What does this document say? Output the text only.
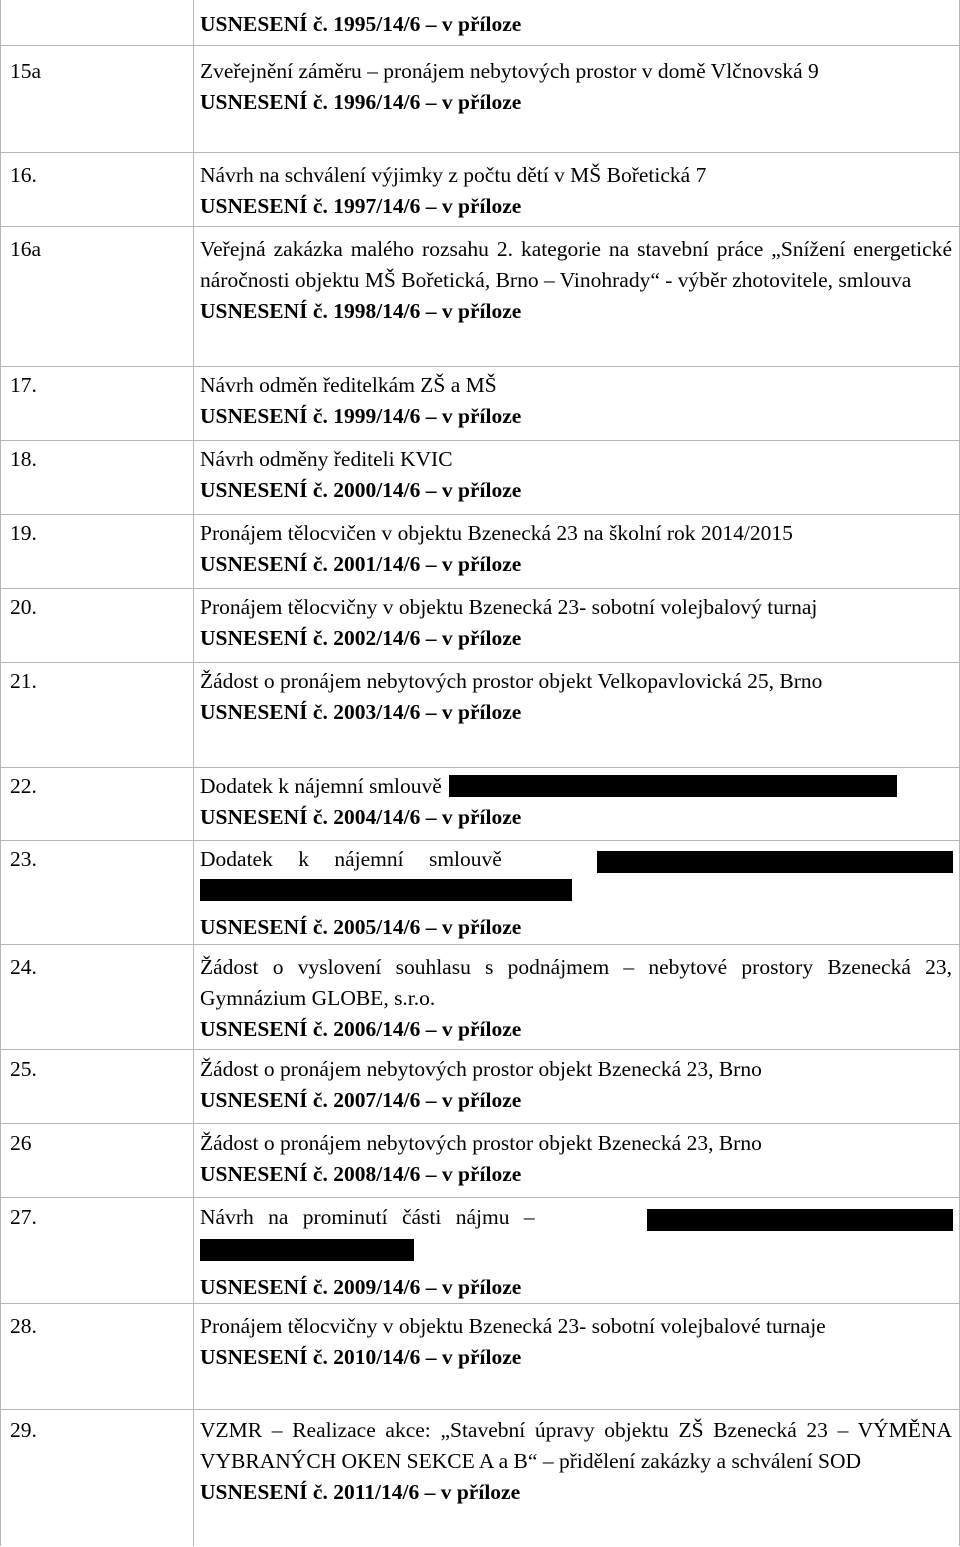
USNESENÍ č. 1995/14/6 – v příloze
15a	Zveřejnění záměru – pronájem nebytových prostor v domě Vlčnovská 9
USNESENÍ č. 1996/14/6 – v příloze
16.	Návrh na schválení výjimky z počtu dětí v MŠ Bořetická 7
USNESENÍ č. 1997/14/6 – v příloze
16a	Veřejná zakázka malého rozsahu 2. kategorie na stavební práce „Snížení energetické náročnosti objektu MŠ Bořetická, Brno – Vinohrady“ - výběr zhotovitele, smlouva
USNESENÍ č. 1998/14/6 – v příloze
17.	Návrh odměn ředitelkám ZŠ a MŠ
USNESENÍ č. 1999/14/6 – v příloze
18.	Návrh odměny řediteli KVIC
USNESENÍ č. 2000/14/6 – v příloze
19.	Pronájem tělocvičen v objektu Bzenecká 23 na školní rok 2014/2015
USNESENÍ č. 2001/14/6 – v příloze
20.	Pronájem tělocvičny v objektu Bzenecká 23- sobotní volejbalový turnaj
USNESENÍ č. 2002/14/6 – v příloze
21.	Žádost o pronájem nebytových prostor objekt Velkopavlovická 25, Brno
USNESENÍ č. 2003/14/6 – v příloze
22.	Dodatek k nájemní smlouvě
USNESENÍ č. 2004/14/6 – v příloze
23.	Dodatek k nájemní smlouvě
USNESENÍ č. 2005/14/6 – v příloze
24.	Žádost o vyslovení souhlasu s podnájmem – nebytové prostory Bzenecká 23, Gymnázium GLOBE, s.r.o.
USNESENÍ č. 2006/14/6 – v příloze
25.	Žádost o pronájem nebytových prostor objekt Bzenecká 23, Brno
USNESENÍ č. 2007/14/6 – v příloze
26	Žádost o pronájem nebytových prostor objekt Bzenecká 23, Brno
USNESENÍ č. 2008/14/6 – v příloze
27.	Návrh na prominutí části nájmu –
USNESENÍ č. 2009/14/6 – v příloze
28.	Pronájem tělocvičny v objektu Bzenecká 23- sobotní volejbalové turnaje
USNESENÍ č. 2010/14/6 – v příloze
29.	VZMR – Realizace akce: „Stavební úpravy objektu ZŠ Bzenecká 23 – VÝMĚNA VYBRANÝCH OKEN SEKCE A a B“ – přidělení zakázky a schválení SOD
USNESENÍ č. 2011/14/6 – v příloze
